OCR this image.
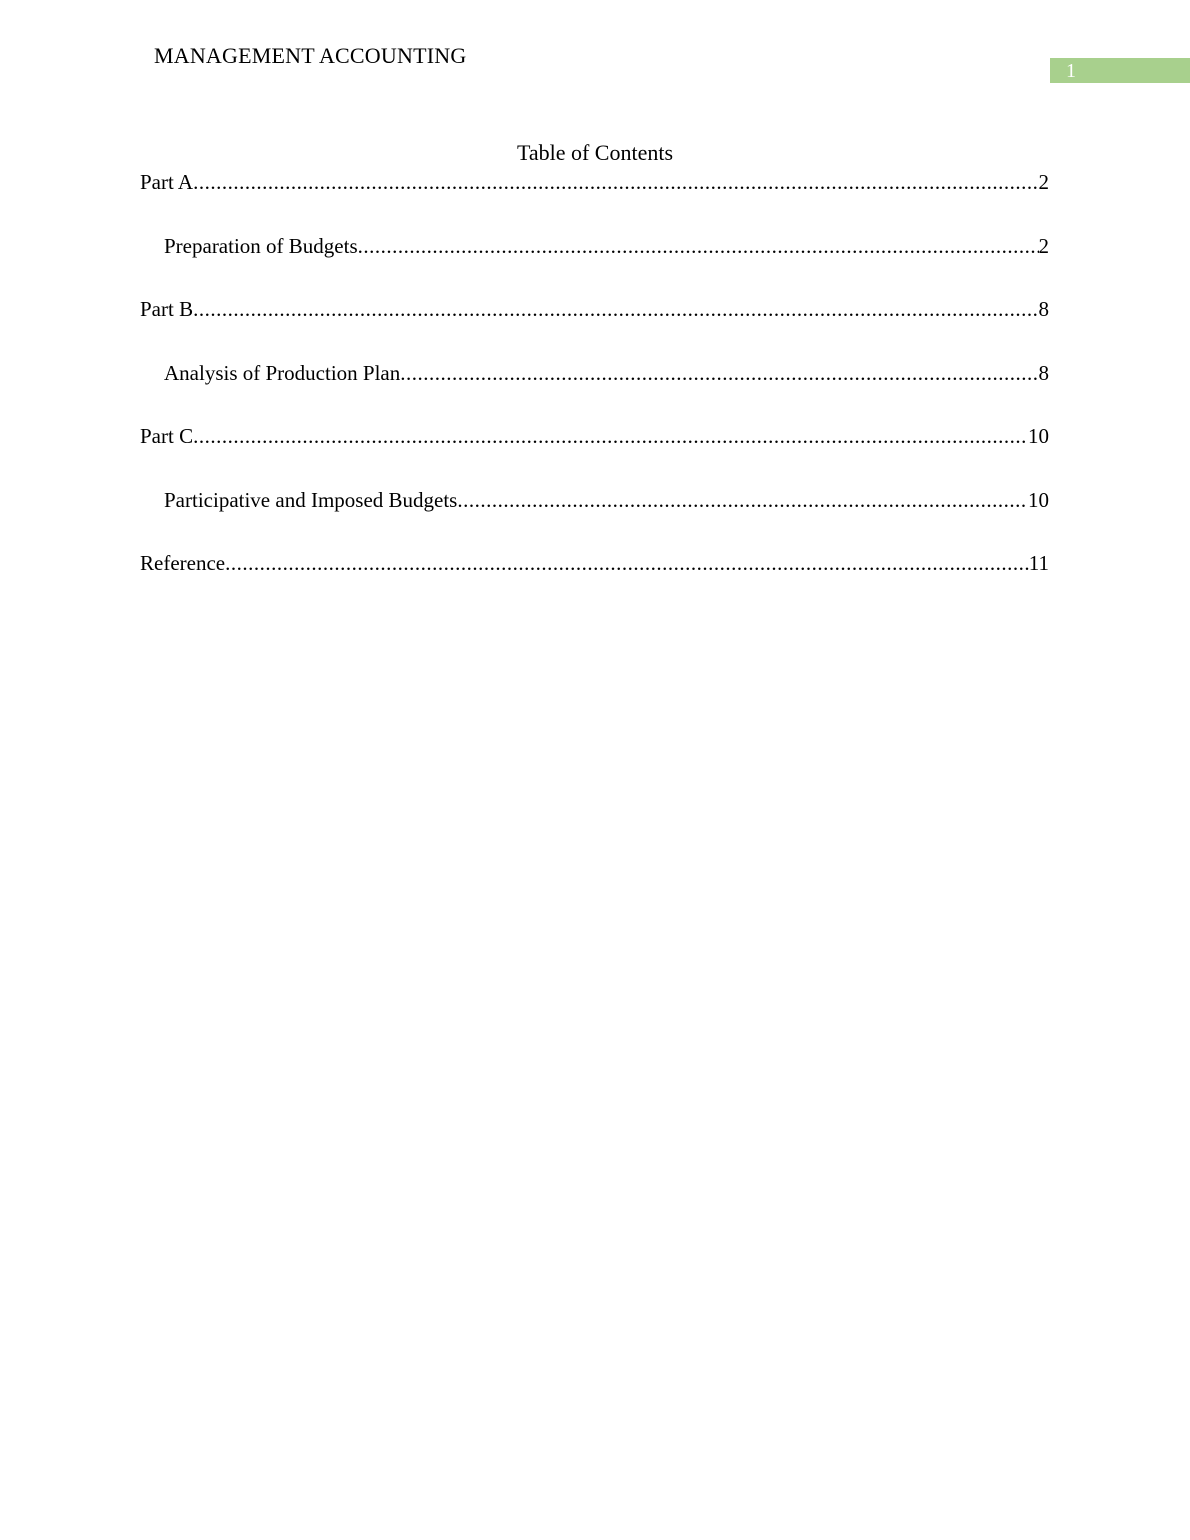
MANAGEMENT ACCOUNTING
1
Table of Contents
Part A .....	2
Preparation of Budgets .....	2
Part B .....	8
Analysis of Production Plan .....	8
Part C .....	10
Participative and Imposed Budgets .....	10
Reference .....	11
